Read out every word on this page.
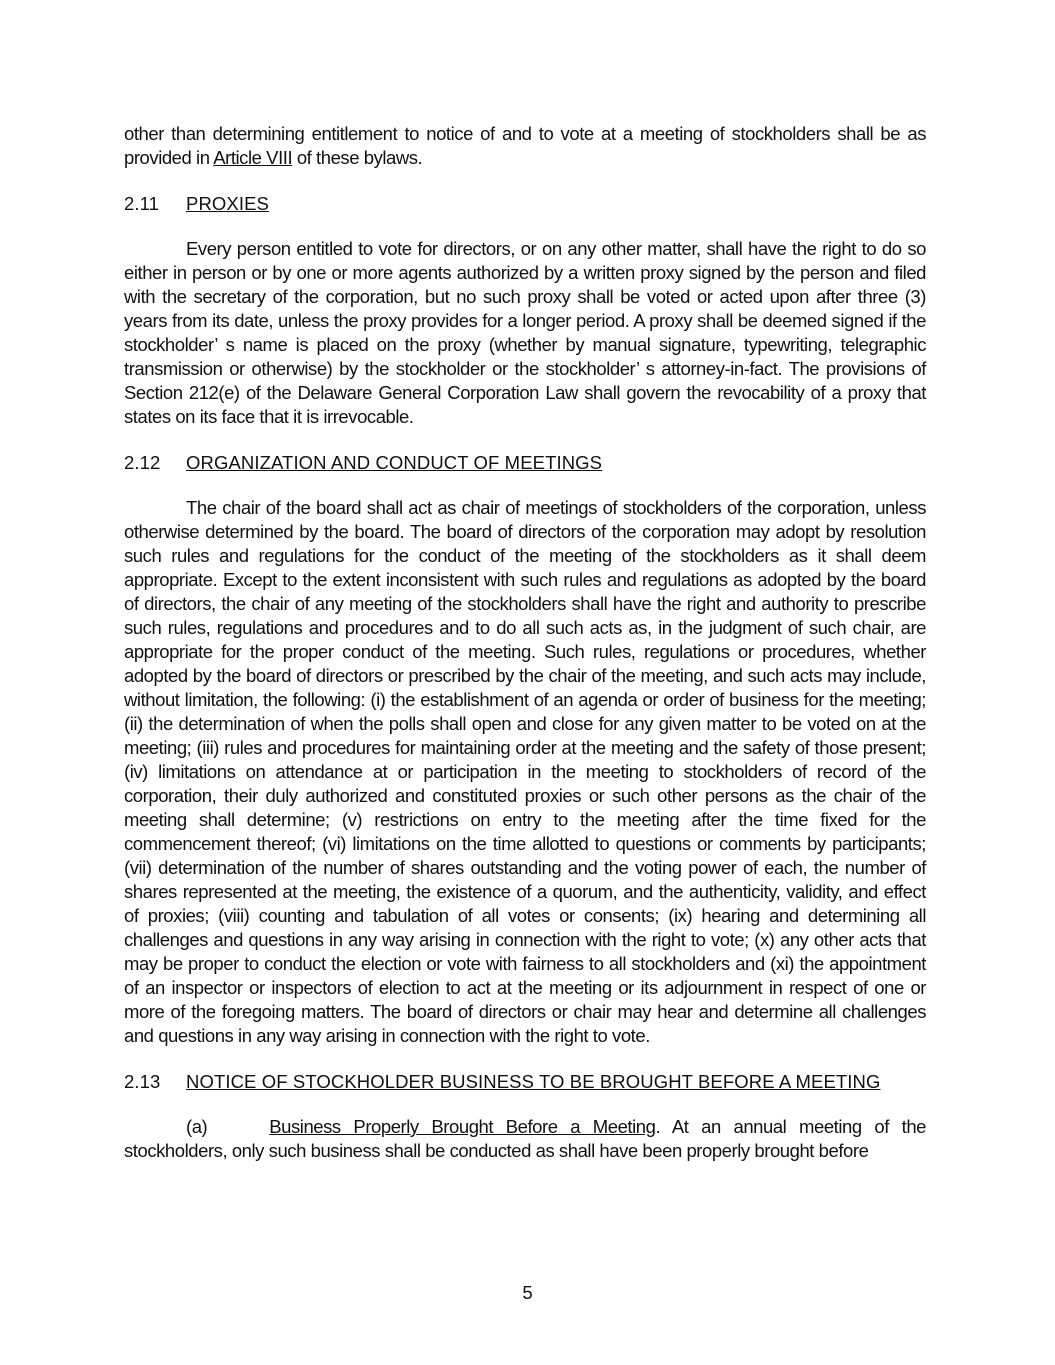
other than determining entitlement to notice of and to vote at a meeting of stockholders shall be as provided in Article VIII of these bylaws.

2.11 PROXIES

Every person entitled to vote for directors, or on any other matter, shall have the right to do so either in person or by one or more agents authorized by a written proxy signed by the person and filed with the secretary of the corporation, but no such proxy shall be voted or acted upon after three (3) years from its date, unless the proxy provides for a longer period. A proxy shall be deemed signed if the stockholder’ s name is placed on the proxy (whether by manual signature, typewriting, telegraphic transmission or otherwise) by the stockholder or the stockholder’ s attorney-in-fact. The provisions of Section 212(e) of the Delaware General Corporation Law shall govern the revocability of a proxy that states on its face that it is irrevocable.

2.12 ORGANIZATION AND CONDUCT OF MEETINGS

The chair of the board shall act as chair of meetings of stockholders of the corporation, unless otherwise determined by the board. The board of directors of the corporation may adopt by resolution such rules and regulations for the conduct of the meeting of the stockholders as it shall deem appropriate. Except to the extent inconsistent with such rules and regulations as adopted by the board of directors, the chair of any meeting of the stockholders shall have the right and authority to prescribe such rules, regulations and procedures and to do all such acts as, in the judgment of such chair, are appropriate for the proper conduct of the meeting. Such rules, regulations or procedures, whether adopted by the board of directors or prescribed by the chair of the meeting, and such acts may include, without limitation, the following: (i) the establishment of an agenda or order of business for the meeting; (ii) the determination of when the polls shall open and close for any given matter to be voted on at the meeting; (iii) rules and procedures for maintaining order at the meeting and the safety of those present; (iv) limitations on attendance at or participation in the meeting to stockholders of record of the corporation, their duly authorized and constituted proxies or such other persons as the chair of the meeting shall determine; (v) restrictions on entry to the meeting after the time fixed for the commencement thereof; (vi) limitations on the time allotted to questions or comments by participants; (vii) determination of the number of shares outstanding and the voting power of each, the number of shares represented at the meeting, the existence of a quorum, and the authenticity, validity, and effect of proxies; (viii) counting and tabulation of all votes or consents; (ix) hearing and determining all challenges and questions in any way arising in connection with the right to vote; (x) any other acts that may be proper to conduct the election or vote with fairness to all stockholders and (xi) the appointment of an inspector or inspectors of election to act at the meeting or its adjournment in respect of one or more of the foregoing matters. The board of directors or chair may hear and determine all challenges and questions in any way arising in connection with the right to vote.

2.13 NOTICE OF STOCKHOLDER BUSINESS TO BE BROUGHT BEFORE A MEETING

(a)	Business Properly Brought Before a Meeting. At an annual meeting of the stockholders, only such business shall be conducted as shall have been properly brought before

5
